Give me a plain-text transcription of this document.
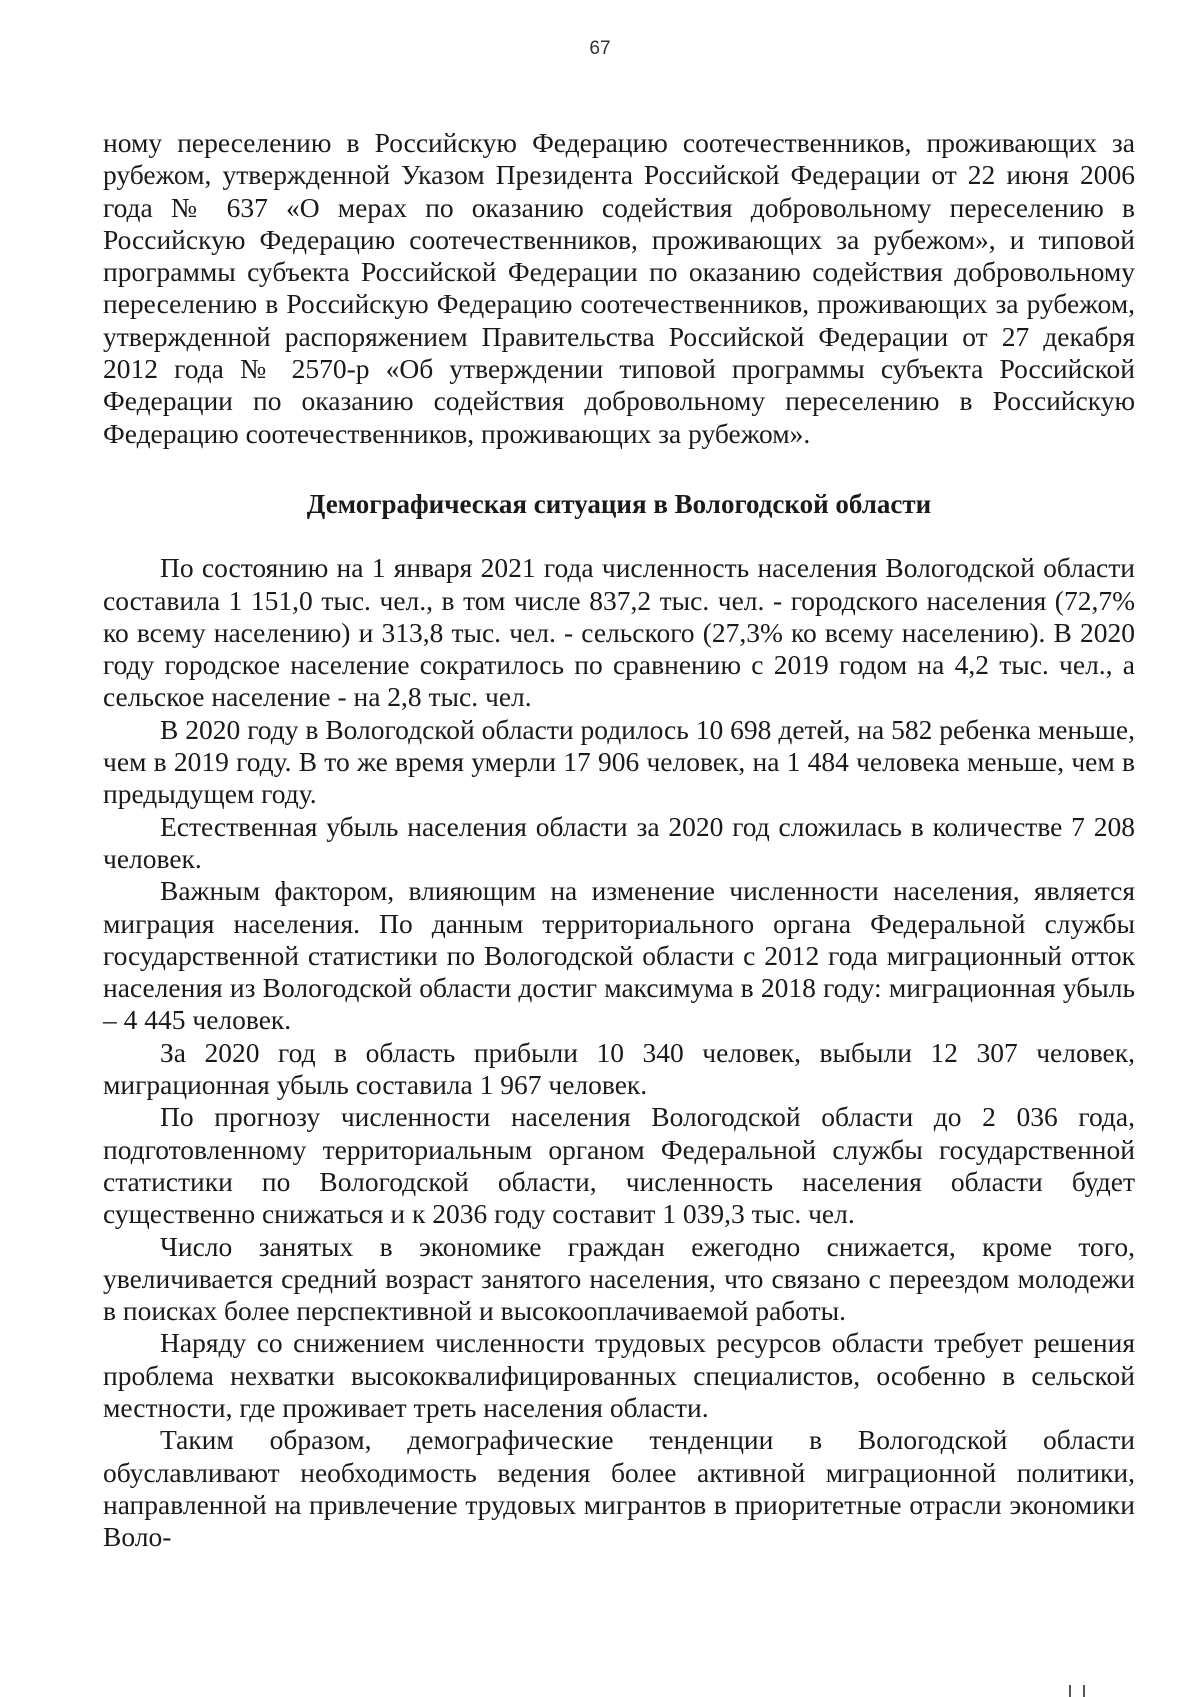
67

ному переселению в Российскую Федерацию соотечественников, проживающих за рубежом, утвержденной Указом Президента Российской Федерации от 22 июня 2006 года № 637 «О мерах по оказанию содействия добровольному переселению в Российскую Федерацию соотечественников, проживающих за рубежом», и типовой программы субъекта Российской Федерации по оказанию содействия добровольному переселению в Российскую Федерацию соотечественников, проживающих за рубежом, утвержденной распоряжением Правительства Российской Федерации от 27 декабря 2012 года № 2570-р «Об утверждении типовой программы субъекта Российской Федерации по оказанию содействия добровольному переселению в Российскую Федерацию соотечественников, проживающих за рубежом».

Демографическая ситуация в Вологодской области

По состоянию на 1 января 2021 года численность населения Вологодской области составила 1 151,0 тыс. чел., в том числе 837,2 тыс. чел. - городского населения (72,7% ко всему населению) и 313,8 тыс. чел. - сельского (27,3% ко всему населению). В 2020 году городское население сократилось по сравнению с 2019 годом на 4,2 тыс. чел., а сельское население - на 2,8 тыс. чел.

В 2020 году в Вологодской области родилось 10 698 детей, на 582 ребенка меньше, чем в 2019 году. В то же время умерли 17 906 человек, на 1 484 человека меньше, чем в предыдущем году.

Естественная убыль населения области за 2020 год сложилась в количестве 7 208 человек.

Важным фактором, влияющим на изменение численности населения, является миграция населения. По данным территориального органа Федеральной службы государственной статистики по Вологодской области с 2012 года миграционный отток населения из Вологодской области достиг максимума в 2018 году: миграционная убыль – 4 445 человек.

За 2020 год в область прибыли 10 340 человек, выбыли 12 307 человек, миграционная убыль составила 1 967 человек.

По прогнозу численности населения Вологодской области до 2 036 года, подготовленному территориальным органом Федеральной службы государственной статистики по Вологодской области, численность населения области будет существенно снижаться и к 2036 году составит 1 039,3 тыс. чел.

Число занятых в экономике граждан ежегодно снижается, кроме того, увеличивается средний возраст занятого населения, что связано с переездом молодежи в поисках более перспективной и высокооплачиваемой работы.

Наряду со снижением численности трудовых ресурсов области требует решения проблема нехватки высококвалифицированных специалистов, особенно в сельской местности, где проживает треть населения области.

Таким образом, демографические тенденции в Вологодской области обуславливают необходимость ведения более активной миграционной политики, направленной на привлечение трудовых мигрантов в приоритетные отрасли экономики Воло-
